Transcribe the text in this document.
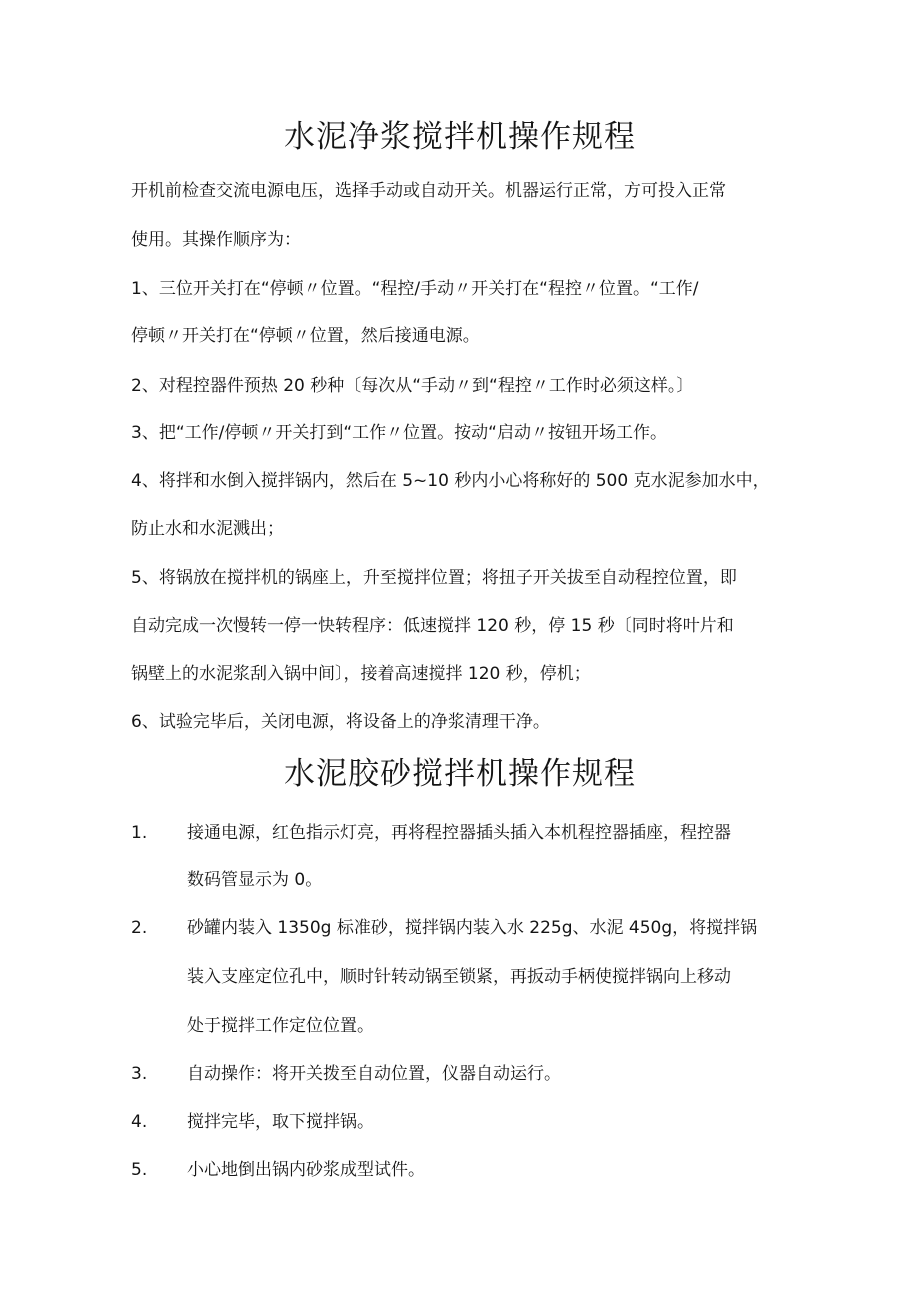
水泥净浆搅拌机操作规程
开机前检查交流电源电压，选择手动或自动开关。机器运行正常，方可投入正常
使用。其操作顺序为：
1、三位开关打在“停顿〃位置。“程控/手动〃开关打在“程控〃位置。“工作/
停顿〃开关打在“停顿〃位置，然后接通电源。
2、对程控器件预热 20 秒种〔每次从“手动〃到“程控〃工作时必须这样。〕
3、把“工作/停顿〃开关打到“工作〃位置。按动“启动〃按钮开场工作。
4、将拌和水倒入搅拌锅内，然后在 5~10 秒内小心将称好的 500 克水泥参加水中，
防止水和水泥溅出；
5、将锅放在搅拌机的锅座上，升至搅拌位置；将扭子开关拔至自动程控位置，即
自动完成一次慢转一停一快转程序：低速搅拌 120 秒，停 15 秒〔同时将叶片和
锅壁上的水泥浆刮入锅中间〕，接着高速搅拌 120 秒，停机；
6、试验完毕后，关闭电源，将设备上的净浆清理干净。
水泥胶砂搅拌机操作规程
1. 接通电源，红色指示灯亮，再将程控器插头插入本机程控器插座，程控器
数码管显示为 0。
2. 砂罐内装入 1350g 标准砂，搅拌锅内装入水 225g、水泥 450g，将搅拌锅
装入支座定位孔中，顺时针转动锅至锁紧，再扳动手柄使搅拌锅向上移动
处于搅拌工作定位位置。
3. 自动操作：将开关拨至自动位置，仪器自动运行。
4. 搅拌完毕，取下搅拌锅。
5. 小心地倒出锅内砂浆成型试件。
